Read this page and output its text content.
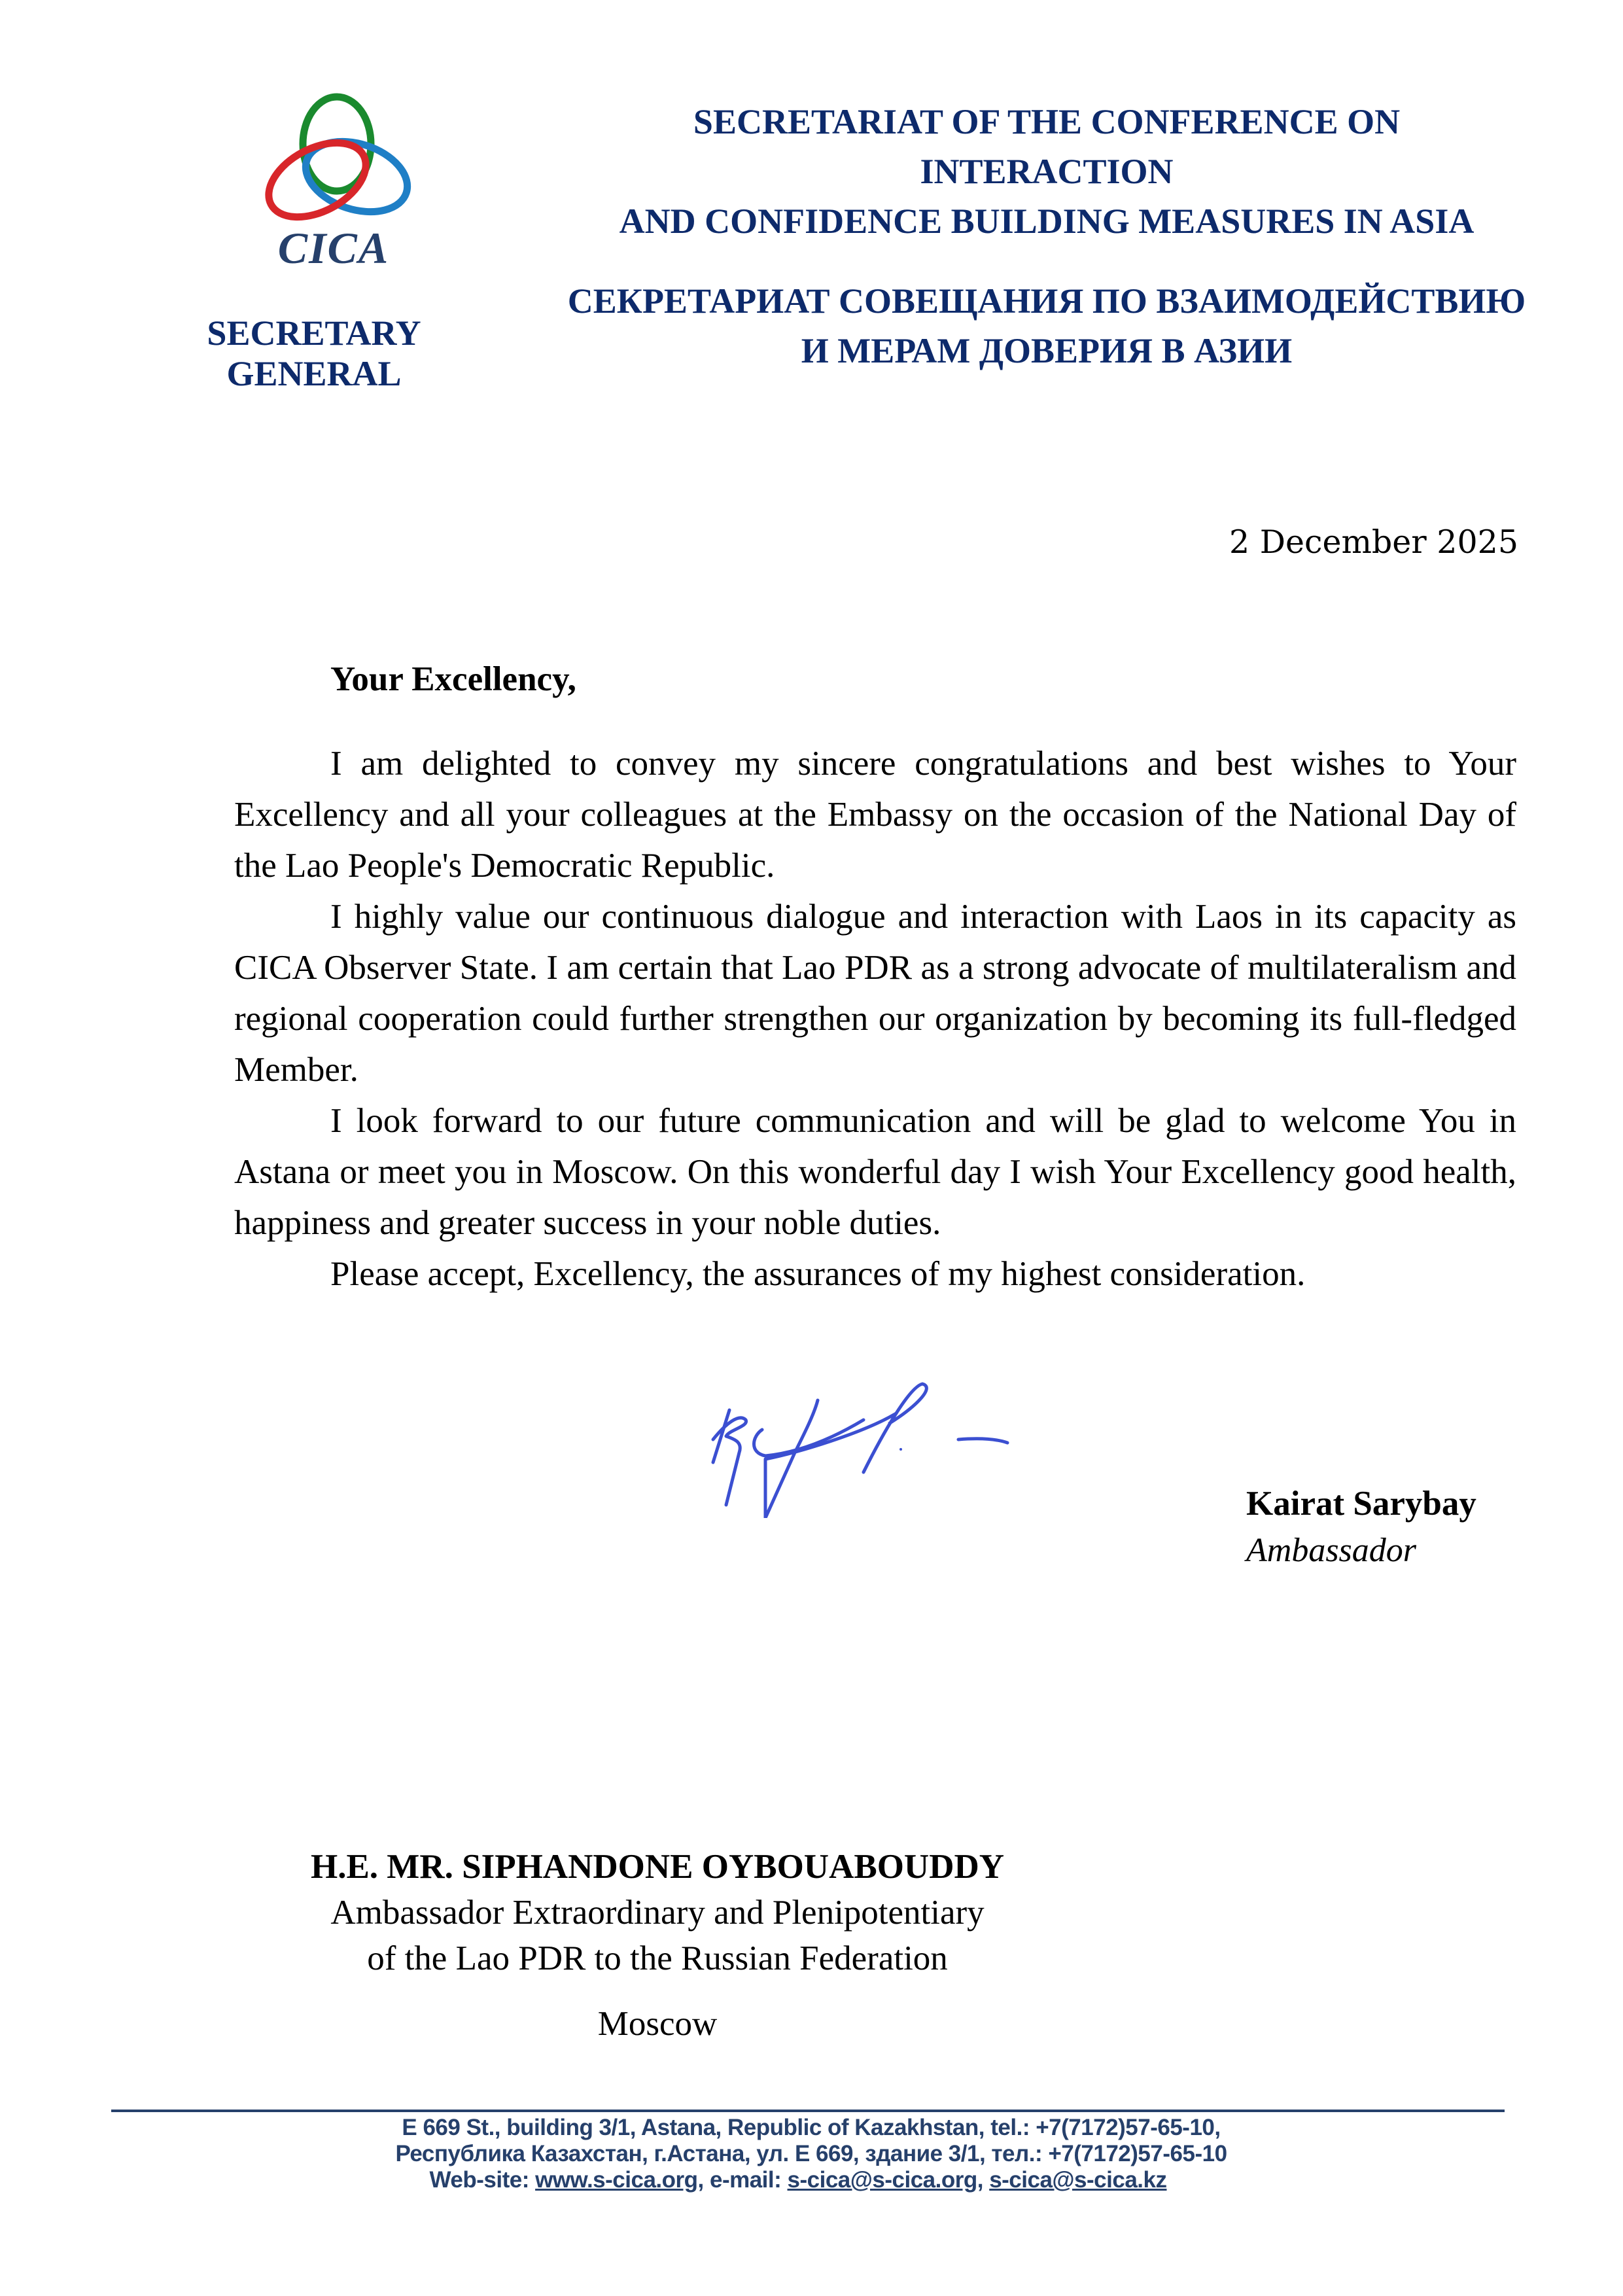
CICA
SECRETARY GENERAL
SECRETARIAT OF THE CONFERENCE ON INTERACTION
AND CONFIDENCE BUILDING MEASURES IN ASIA
СЕКРЕТАРИАТ СОВЕЩАНИЯ ПО ВЗАИМОДЕЙСТВИЮ
И МЕРАМ ДОВЕРИЯ В АЗИИ
2 December 2025
Your Excellency,

I am delighted to convey my sincere congratulations and best wishes to Your Excellency and all your colleagues at the Embassy on the occasion of the National Day of the Lao People's Democratic Republic.

I highly value our continuous dialogue and interaction with Laos in its capacity as CICA Observer State. I am certain that Lao PDR as a strong advocate of multilateralism and regional cooperation could further strengthen our organization by becoming its full-fledged Member.

I look forward to our future communication and will be glad to welcome You in Astana or meet you in Moscow. On this wonderful day I wish Your Excellency good health, happiness and greater success in your noble duties.

Please accept, Excellency, the assurances of my highest consideration.

Kairat Sarybay
Ambassador
H.E. MR. SIPHANDONE OYBOUABOUDDY
Ambassador Extraordinary and Plenipotentiary
of the Lao PDR to the Russian Federation
Moscow
E 669 St., building 3/1, Astana, Republic of Kazakhstan, tel.: +7(7172)57-65-10,
Республика Казахстан, г.Астана, ул. Е 669, здание 3/1, тел.: +7(7172)57-65-10
Web-site: www.s-cica.org, e-mail: s-cica@s-cica.org, s-cica@s-cica.kz
